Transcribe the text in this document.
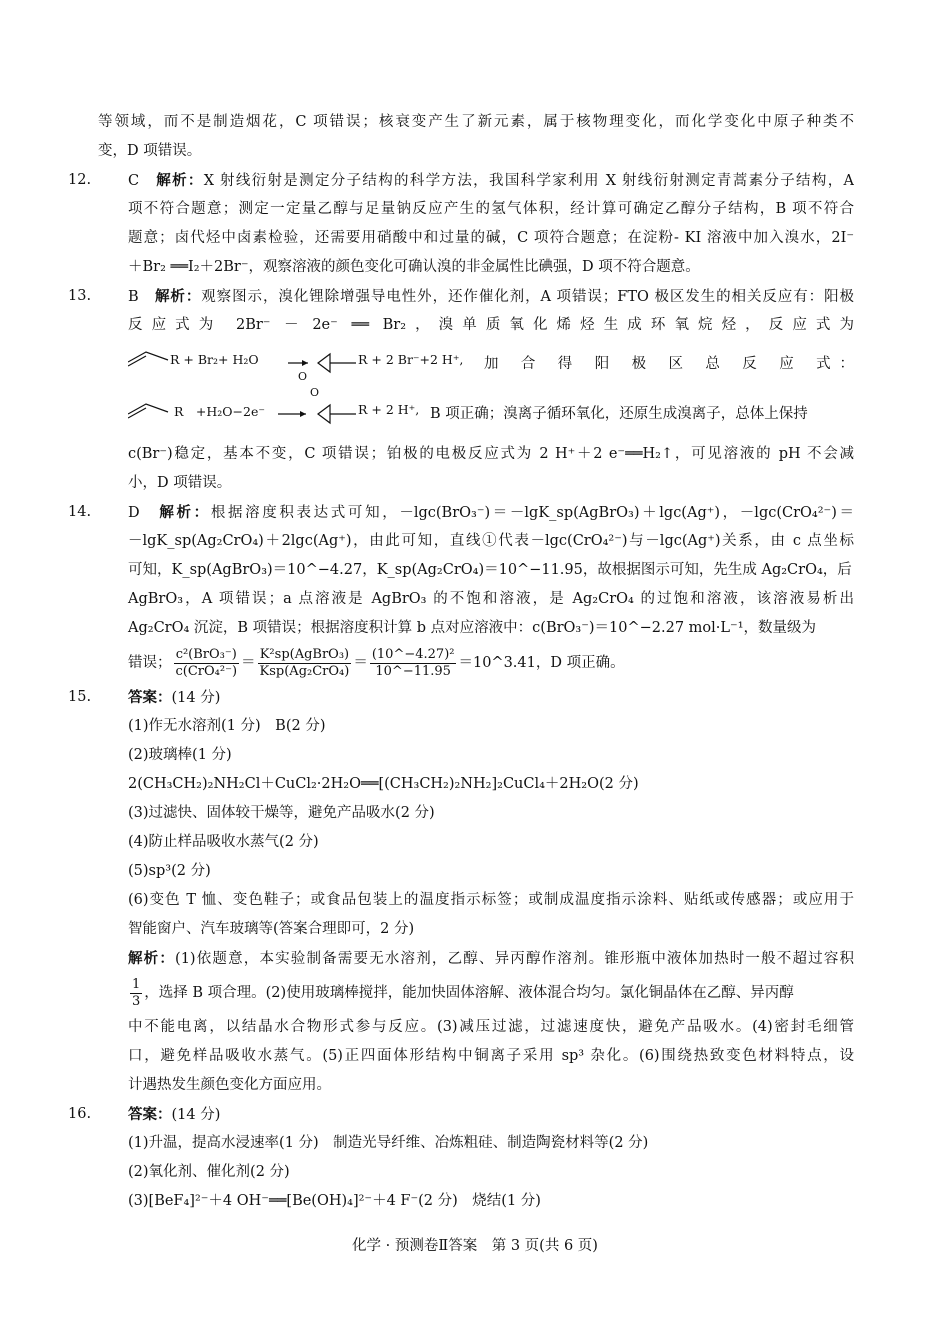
等领域，而不是制造烟花，C 项错误；核衰变产生了新元素，属于核物理变化，而化学变化中原子种类不
变，D 项错误。
12.	C　解析：X 射线衍射是测定分子结构的科学方法，我国科学家利用 X 射线衍射测定青蒿素分子结构，A
项不符合题意；测定一定量乙醇与足量钠反应产生的氢气体积，经计算可确定乙醇分子结构，B 项不符合
题意；卤代烃中卤素检验，还需要用硝酸中和过量的碱，C 项符合题意；在淀粉- KI 溶液中加入溴水，2I⁻
＋Br₂ ══I₂＋2Br⁻，观察溶液的颜色变化可确认溴的非金属性比碘强，D 项不符合题意。
13.	B　解析：观察图示，溴化锂除增强导电性外，还作催化剂，A 项错误；FTO 极区发生的相关反应有：阳极
反应式为 2Br⁻ － 2e⁻ ══ Br₂，溴单质氧化烯烃生成环氧烷烃，反应式为
R + Br₂+ H₂O
O
R + 2 Br⁻+2 H⁺, 加 合 得 阳 极 区 总 反 应 式：
R　+H₂O−2e⁻
O
R + 2 H⁺, B 项正确；溴离子循环氧化，还原生成溴离子，总体上保持
c(Br⁻)稳定，基本不变，C 项错误；铂极的电极反应式为 2 H⁺＋2 e⁻══H₂↑，可见溶液的 pH 不会减
小，D 项错误。
14.	D　解析：根据溶度积表达式可知，－lgc(BrO₃⁻)＝－lgK_sp(AgBrO₃)＋lgc(Ag⁺)，－lgc(CrO₄²⁻)＝
－lgK_sp(Ag₂CrO₄)＋2lgc(Ag⁺)，由此可知，直线①代表－lgc(CrO₄²⁻)与－lgc(Ag⁺)关系，由 c 点坐标
可知，K_sp(AgBrO₃)＝10^−4.27，K_sp(Ag₂CrO₄)＝10^−11.95，故根据图示可知，先生成 Ag₂CrO₄，后
AgBrO₃，A 项错误；a 点溶液是 AgBrO₃ 的不饱和溶液，是 Ag₂CrO₄ 的过饱和溶液，该溶液易析出
Ag₂CrO₄ 沉淀，B 项错误；根据溶度积计算 b 点对应溶液中：c(BrO₃⁻)＝10^−2.27 mol·L⁻¹，数量级为
错误； $\frac{\text{c²(BrO₃⁻)}}{\text{c(CrO₄²⁻)}} = \frac{\text{K²sp(AgBrO₃)}}{\text{Ksp(Ag₂CrO₄)}} = \frac{\text{(10\textasciicircum{}−4.27)²}}{10\^{}-11.95}$ ＝10^3.41，D 项正确。
15.	答案：(14 分)
(1)作无水溶剂(1 分)　B(2 分)
(2)玻璃棒(1 分)
2(CH₃CH₂)₂NH₂Cl＋CuCl₂·2H₂O══[(CH₃CH₂)₂NH₂]₂CuCl₄＋2H₂O(2 分)
(3)过滤快、固体较干燥等，避免产品吸水(2 分)
(4)防止样品吸收水蒸气(2 分)
(5)sp³(2 分)
(6)变色 T 恤、变色鞋子；或食品包装上的温度指示标签；或制成温度指示涂料、贴纸或传感器；或应用于
智能窗户、汽车玻璃等(答案合理即可，2 分)
解析：(1)依题意，本实验制备需要无水溶剂，乙醇、异丙醇作溶剂。锥形瓶中液体加热时一般不超过容积
$\frac{1}{3}$ ，选择 B 项合理。(2)使用玻璃棒搅拌，能加快固体溶解、液体混合均匀。氯化铜晶体在乙醇、异丙醇
中不能电离，以结晶水合物形式参与反应。(3)减压过滤，过滤速度快，避免产品吸水。(4)密封毛细管
口，避免样品吸收水蒸气。(5)正四面体形结构中铜离子采用 sp³ 杂化。(6)围绕热致变色材料特点，设
计遇热发生颜色变化方面应用。
16.	答案：(14 分)
(1)升温，提高水浸速率(1 分)　制造光导纤维、冶炼粗硅、制造陶瓷材料等(2 分)
(2)氧化剂、催化剂(2 分)
(3)[BeF₄]²⁻＋4 OH⁻══[Be(OH)₄]²⁻＋4 F⁻(2 分)　烧结(1 分)
化学 · 预测卷Ⅱ答案　第 3 页(共 6 页)
